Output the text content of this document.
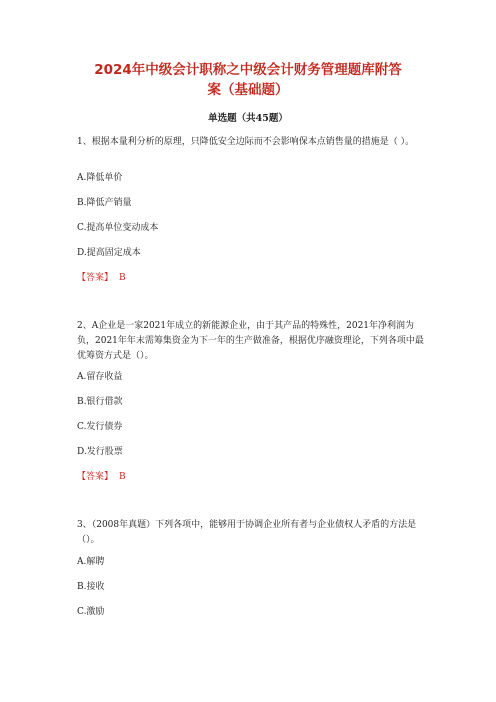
2024年中级会计职称之中级会计财务管理题库附答
案（基础题）
单选题（共45题）
1、根据本量利分析的原理，只降低安全边际而不会影响保本点销售量的措施是（ ）。
A.降低单价
B.降低产销量
C.提高单位变动成本
D.提高固定成本
【答案】 B
2、A企业是一家2021年成立的新能源企业，由于其产品的特殊性，2021年净利润为负，2021年年末需筹集资金为下一年的生产做准备，根据优序融资理论，下列各项中最优筹资方式是（）。
A.留存收益
B.银行借款
C.发行债券
D.发行股票
【答案】 B
3、（2008年真题）下列各项中，能够用于协调企业所有者与企业债权人矛盾的方法是（）。
A.解聘
B.接收
C.激励
